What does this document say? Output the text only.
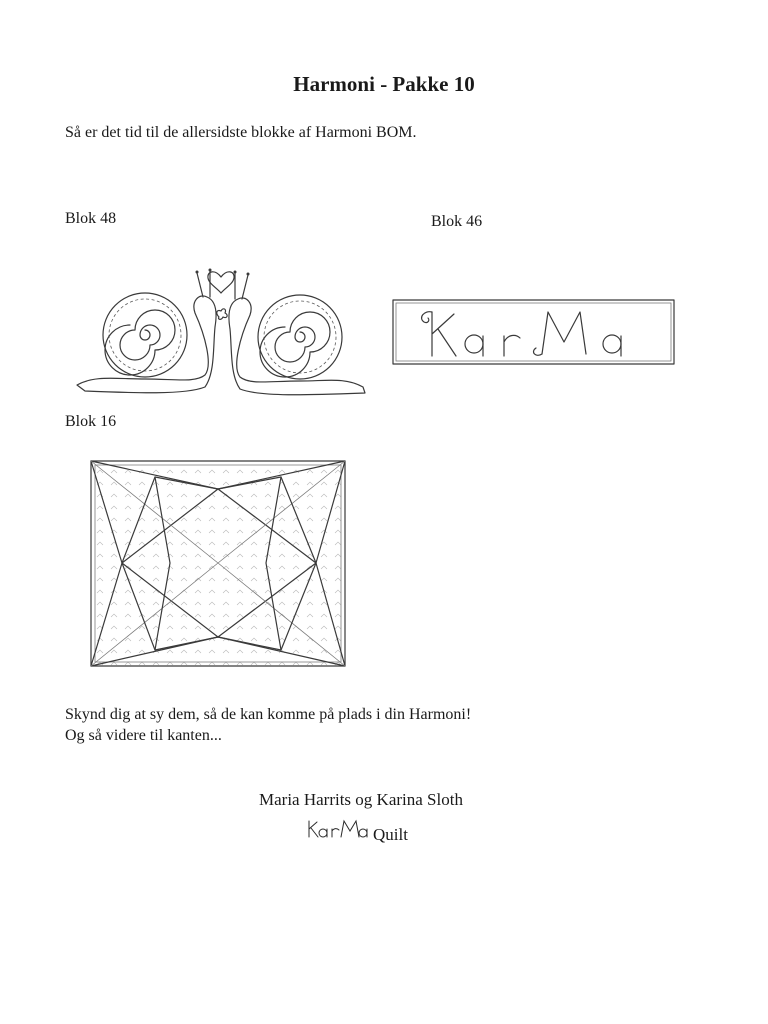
Harmoni - Pakke 10
Så er det tid til de allersidste blokke af Harmoni BOM.
Blok 48	Blok 46
Blok 16
Skynd dig at sy dem, så de kan komme på plads i din Harmoni!
Og så videre til kanten...
Maria Harrits og Karina Sloth
Quilt
